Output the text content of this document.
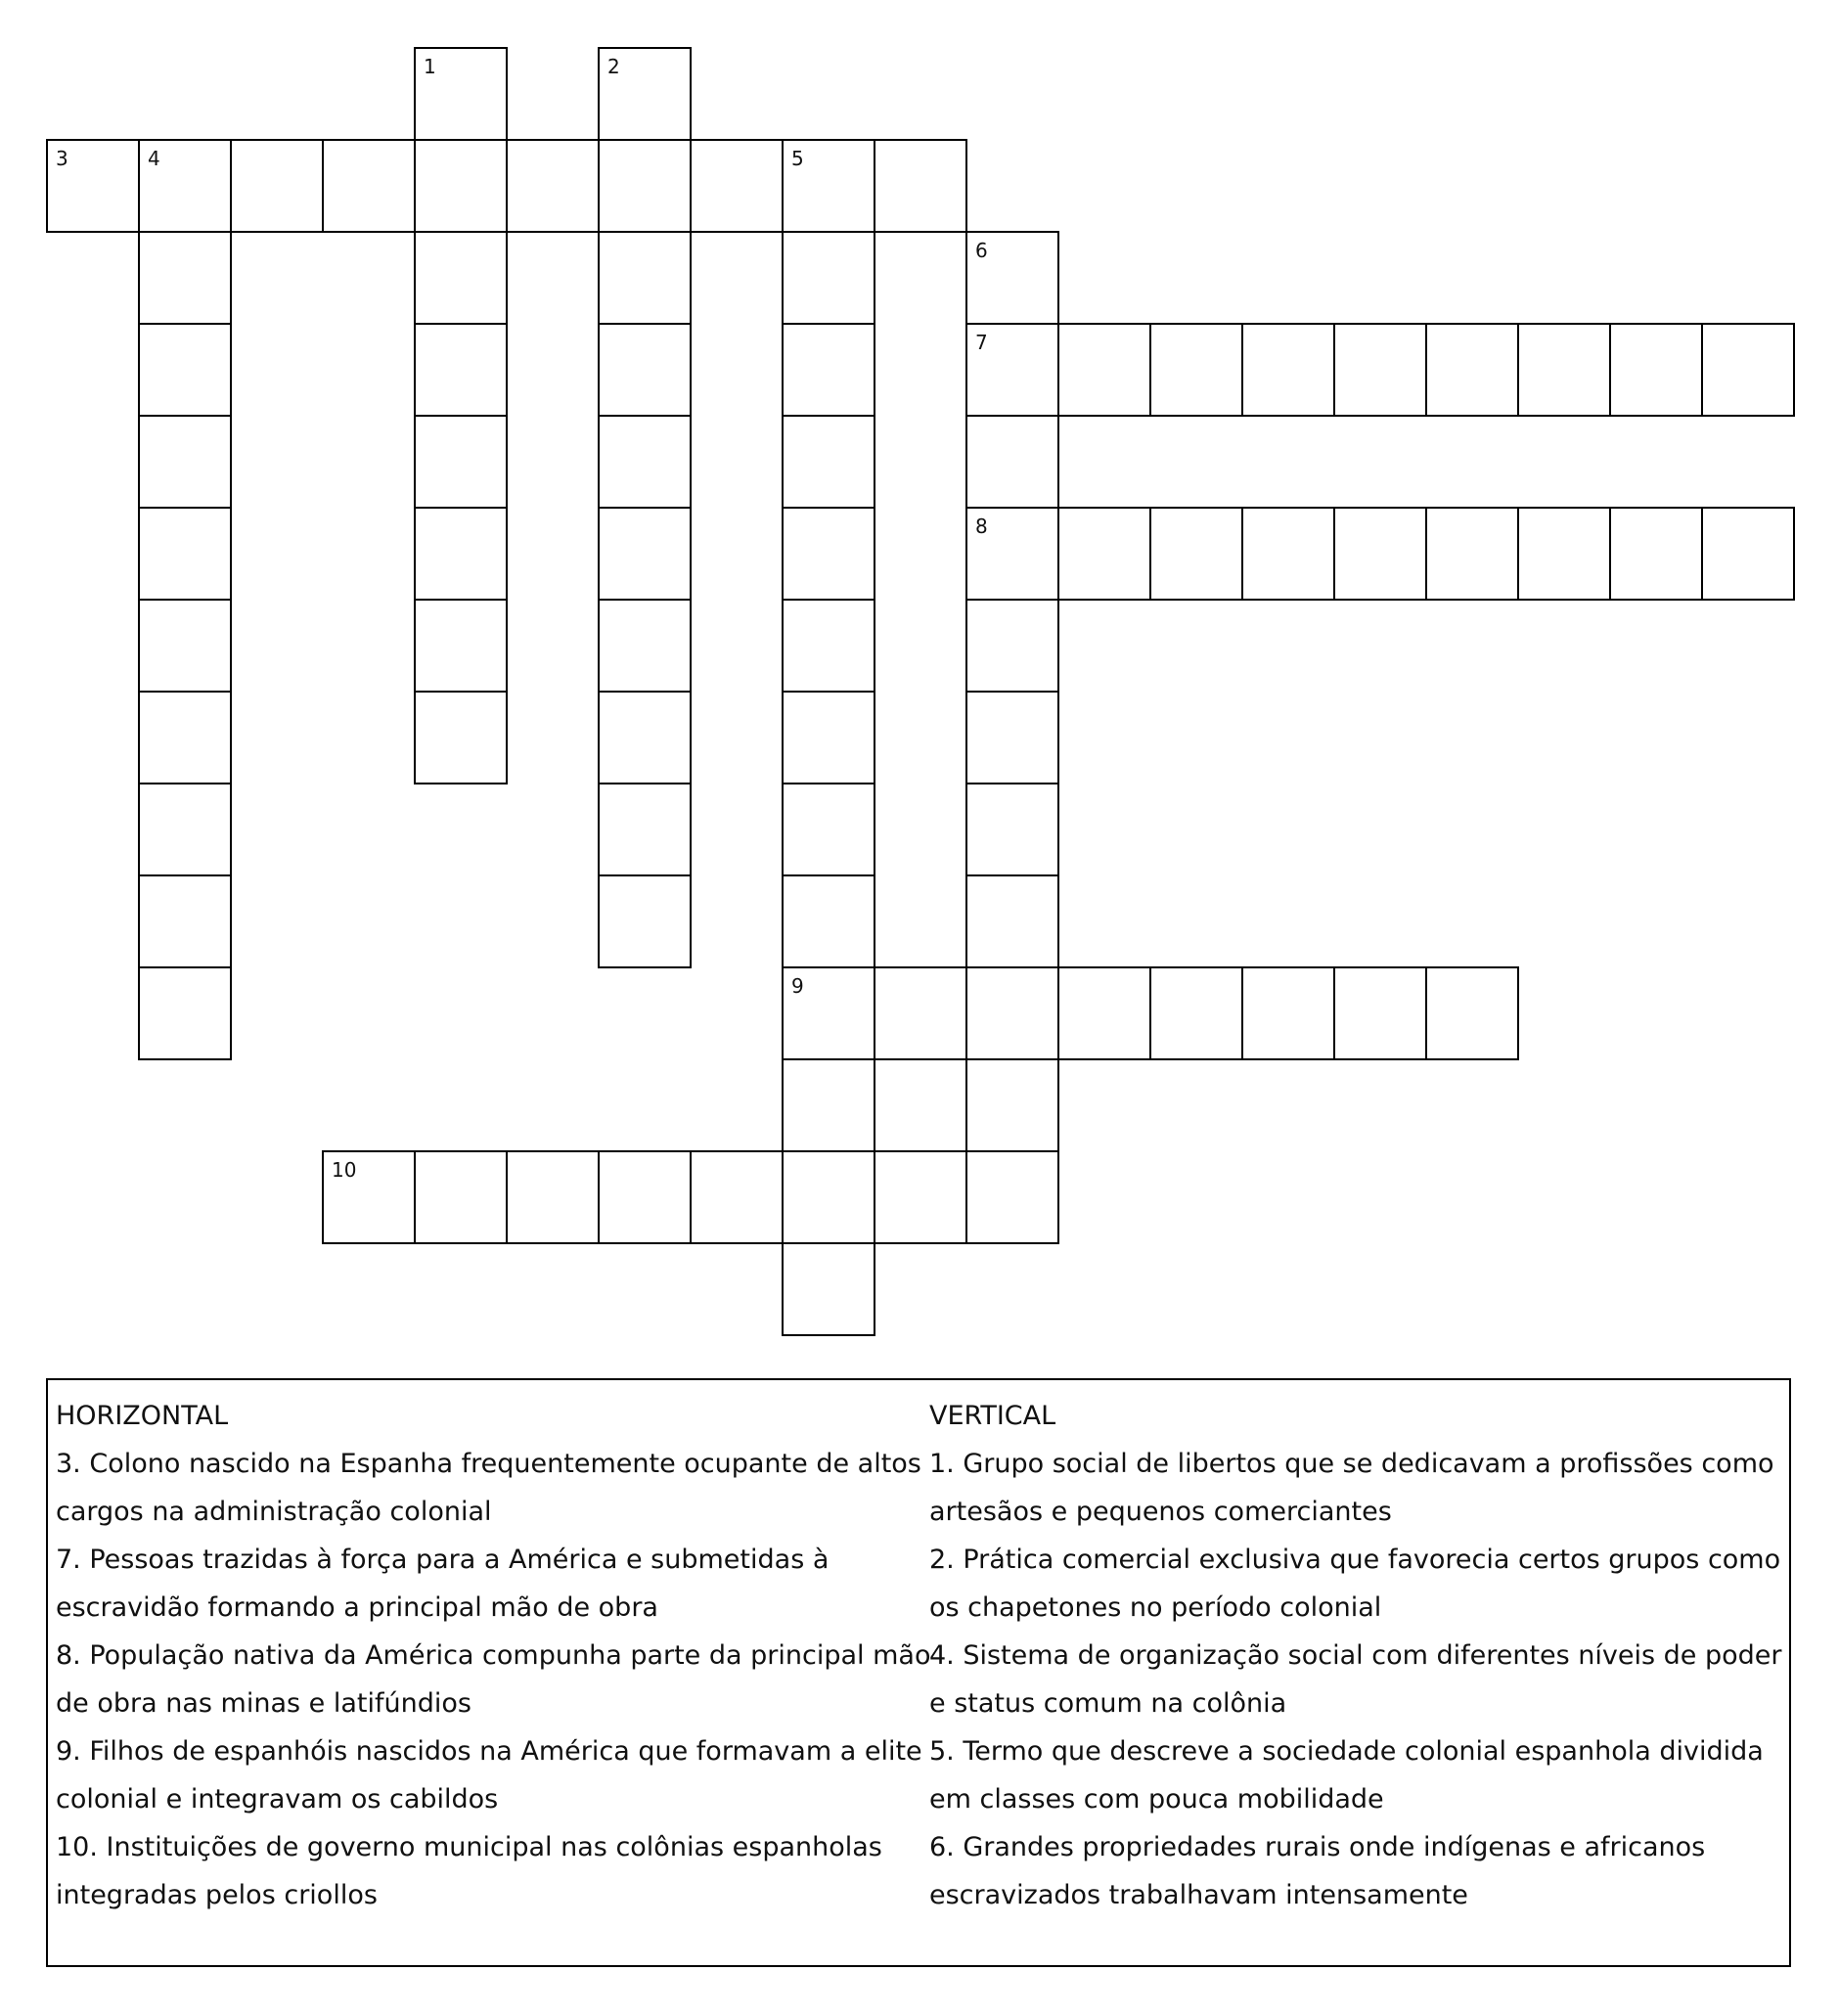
1	2
3	4	5
6
7
8
9
10
HORIZONTAL
3. Colono nascido na Espanha frequentemente ocupante de altos cargos na administração colonial
7. Pessoas trazidas à força para a América e submetidas à escravidão formando a principal mão de obra
8. População nativa da América compunha parte da principal mão de obra nas minas e latifúndios
9. Filhos de espanhóis nascidos na América que formavam a elite colonial e integravam os cabildos
10. Instituições de governo municipal nas colônias espanholas integradas pelos criollos
VERTICAL
1. Grupo social de libertos que se dedicavam a profissões como artesãos e pequenos comerciantes
2. Prática comercial exclusiva que favorecia certos grupos como os chapetones no período colonial
4. Sistema de organização social com diferentes níveis de poder e status comum na colônia
5. Termo que descreve a sociedade colonial espanhola dividida em classes com pouca mobilidade
6. Grandes propriedades rurais onde indígenas e africanos escravizados trabalhavam intensamente
